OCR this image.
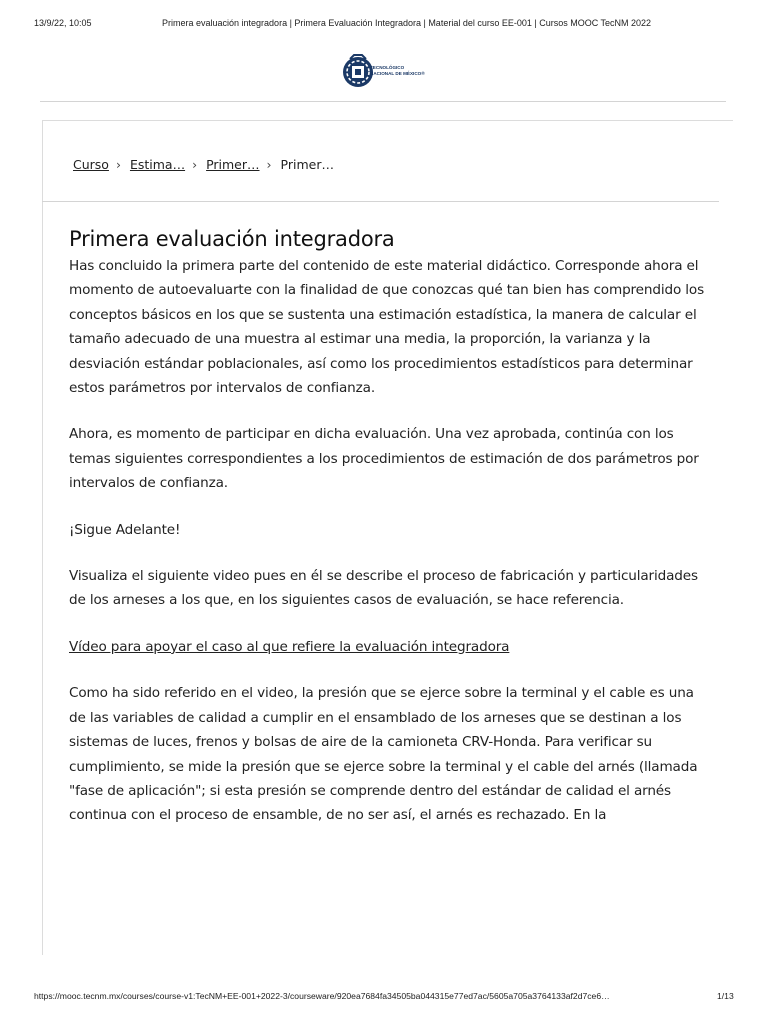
13/9/22, 10:05	Primera evaluación integradora | Primera Evaluación Integradora | Material del curso EE-001 | Cursos MOOC TecNM 2022
TECNOLÓGICO
NACIONAL DE MÉXICO®
Curso › Estima… › Primer… › Primer…
Primera evaluación integradora

Has concluido la primera parte del contenido de este material didáctico. Corresponde ahora el momento de autoevaluarte con la finalidad de que conozcas qué tan bien has comprendido los conceptos básicos en los que se sustenta una estimación estadística, la manera de calcular el tamaño adecuado de una muestra al estimar una media, la proporción, la varianza y la desviación estándar poblacionales, así como los procedimientos estadísticos para determinar estos parámetros por intervalos de confianza.

Ahora, es momento de participar en dicha evaluación. Una vez aprobada, continúa con los temas siguientes correspondientes a los procedimientos de estimación de dos parámetros por intervalos de confianza.

¡Sigue Adelante!

Visualiza el siguiente video pues en él se describe el proceso de fabricación y particularidades de los arneses a los que, en los siguientes casos de evaluación, se hace referencia.

Vídeo para apoyar el caso al que refiere la evaluación integradora

Como ha sido referido en el video, la presión que se ejerce sobre la terminal y el cable es una de las variables de calidad a cumplir en el ensamblado de los arneses que se destinan a los sistemas de luces, frenos y bolsas de aire de la camioneta CRV-Honda. Para verificar su cumplimiento, se mide la presión que se ejerce sobre la terminal y el cable del arnés (llamada "fase de aplicación"; si esta presión se comprende dentro del estándar de calidad el arnés continua con el proceso de ensamble, de no ser así, el arnés es rechazado. En la

https://mooc.tecnm.mx/courses/course-v1:TecNM+EE-001+2022-3/courseware/920ea7684fa34505ba044315e77ed7ac/5605a705a3764133af2d7ce6…	1/13
